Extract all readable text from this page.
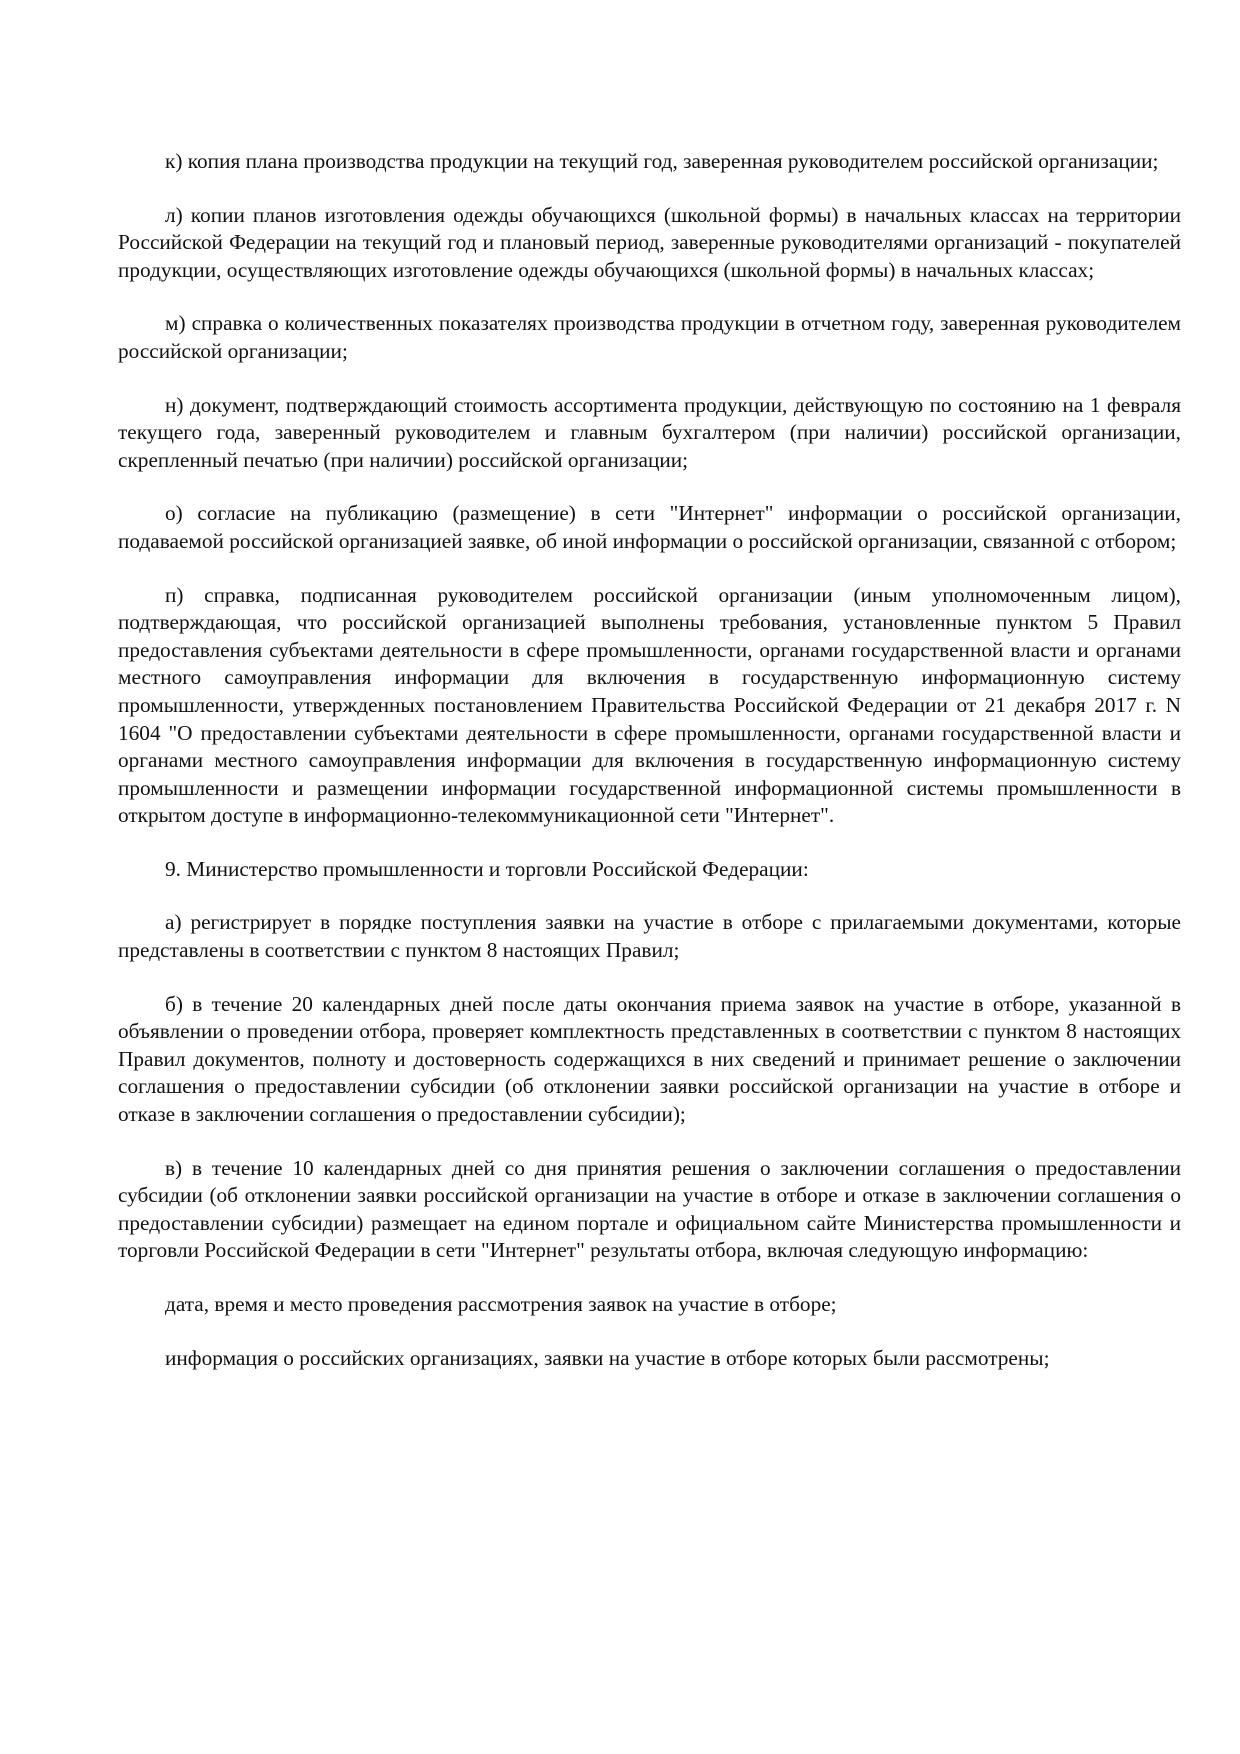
к) копия плана производства продукции на текущий год, заверенная руководителем российской организации;

л) копии планов изготовления одежды обучающихся (школьной формы) в начальных классах на территории Российской Федерации на текущий год и плановый период, заверенные руководителями организаций - покупателей продукции, осуществляющих изготовление одежды обучающихся (школьной формы) в начальных классах;

м) справка о количественных показателях производства продукции в отчетном году, заверенная руководителем российской организации;

н) документ, подтверждающий стоимость ассортимента продукции, действующую по состоянию на 1 февраля текущего года, заверенный руководителем и главным бухгалтером (при наличии) российской организации, скрепленный печатью (при наличии) российской организации;

о) согласие на публикацию (размещение) в сети "Интернет" информации о российской организации, подаваемой российской организацией заявке, об иной информации о российской организации, связанной с отбором;

п) справка, подписанная руководителем российской организации (иным уполномоченным лицом), подтверждающая, что российской организацией выполнены требования, установленные пунктом 5 Правил предоставления субъектами деятельности в сфере промышленности, органами государственной власти и органами местного самоуправления информации для включения в государственную информационную систему промышленности, утвержденных постановлением Правительства Российской Федерации от 21 декабря 2017 г. N 1604 "О предоставлении субъектами деятельности в сфере промышленности, органами государственной власти и органами местного самоуправления информации для включения в государственную информационную систему промышленности и размещении информации государственной информационной системы промышленности в открытом доступе в информационно-телекоммуникационной сети "Интернет".

9. Министерство промышленности и торговли Российской Федерации:

а) регистрирует в порядке поступления заявки на участие в отборе с прилагаемыми документами, которые представлены в соответствии с пунктом 8 настоящих Правил;

б) в течение 20 календарных дней после даты окончания приема заявок на участие в отборе, указанной в объявлении о проведении отбора, проверяет комплектность представленных в соответствии с пунктом 8 настоящих Правил документов, полноту и достоверность содержащихся в них сведений и принимает решение о заключении соглашения о предоставлении субсидии (об отклонении заявки российской организации на участие в отборе и отказе в заключении соглашения о предоставлении субсидии);

в) в течение 10 календарных дней со дня принятия решения о заключении соглашения о предоставлении субсидии (об отклонении заявки российской организации на участие в отборе и отказе в заключении соглашения о предоставлении субсидии) размещает на едином портале и официальном сайте Министерства промышленности и торговли Российской Федерации в сети "Интернет" результаты отбора, включая следующую информацию:

дата, время и место проведения рассмотрения заявок на участие в отборе;

информация о российских организациях, заявки на участие в отборе которых были рассмотрены;
